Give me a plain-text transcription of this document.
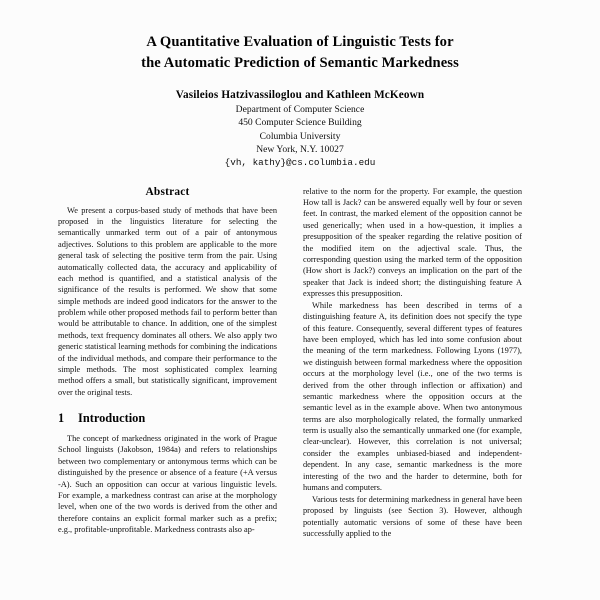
A Quantitative Evaluation of Linguistic Tests for
the Automatic Prediction of Semantic Markedness
Vasileios Hatzivassiloglou and Kathleen McKeown
Department of Computer Science
450 Computer Science Building
Columbia University
New York, N.Y. 10027
{vh, kathy}@cs.columbia.edu
Abstract

We present a corpus-based study of methods that have been proposed in the linguistics literature for selecting the semantically unmarked term out of a pair of antonymous adjectives. Solutions to this problem are applicable to the more general task of selecting the positive term from the pair. Using automatically collected data, the accuracy and applicability of each method is quantified, and a statistical analysis of the significance of the results is performed. We show that some simple methods are indeed good indicators for the answer to the problem while other proposed methods fail to perform better than would be attributable to chance. In addition, one of the simplest methods, text frequency dominates all others. We also apply two generic statistical learning methods for combining the indications of the individual methods, and compare their performance to the simple methods. The most sophisticated complex learning method offers a small, but statistically significant, improvement over the original tests.

1	Introduction

The concept of markedness originated in the work of Prague School linguists (Jakobson, 1984a) and refers to relationships between two complementary or antonymous terms which can be distinguished by the presence or absence of a feature (+A versus -A). Such an opposition can occur at various linguistic levels. For example, a markedness contrast can arise at the morphology level, when one of the two words is derived from the other and therefore contains an explicit formal marker such as a prefix; e.g., profitable-unprofitable. Markedness contrasts also ap-

relative to the norm for the property. For example, the question How tall is Jack? can be answered equally well by four or seven feet. In contrast, the marked element of the opposition cannot be used generically; when used in a how-question, it implies a presupposition of the speaker regarding the relative position of the modified item on the adjectival scale. Thus, the corresponding question using the marked term of the opposition (How short is Jack?) conveys an implication on the part of the speaker that Jack is indeed short; the distinguishing feature A expresses this presupposition.

While markedness has been described in terms of a distinguishing feature A, its definition does not specify the type of this feature. Consequently, several different types of features have been employed, which has led into some confusion about the meaning of the term markedness. Following Lyons (1977), we distinguish between formal markedness where the opposition occurs at the morphology level (i.e., one of the two terms is derived from the other through inflection or affixation) and semantic markedness where the opposition occurs at the semantic level as in the example above. When two antonymous terms are also morphologically related, the formally unmarked term is usually also the semantically unmarked one (for example, clear-unclear). However, this correlation is not universal; consider the examples unbiased-biased and independent-dependent. In any case, semantic markedness is the more interesting of the two and the harder to determine, both for humans and computers.

Various tests for determining markedness in general have been proposed by linguists (see Section 3). However, although potentially automatic versions of some of these have been successfully applied to the
